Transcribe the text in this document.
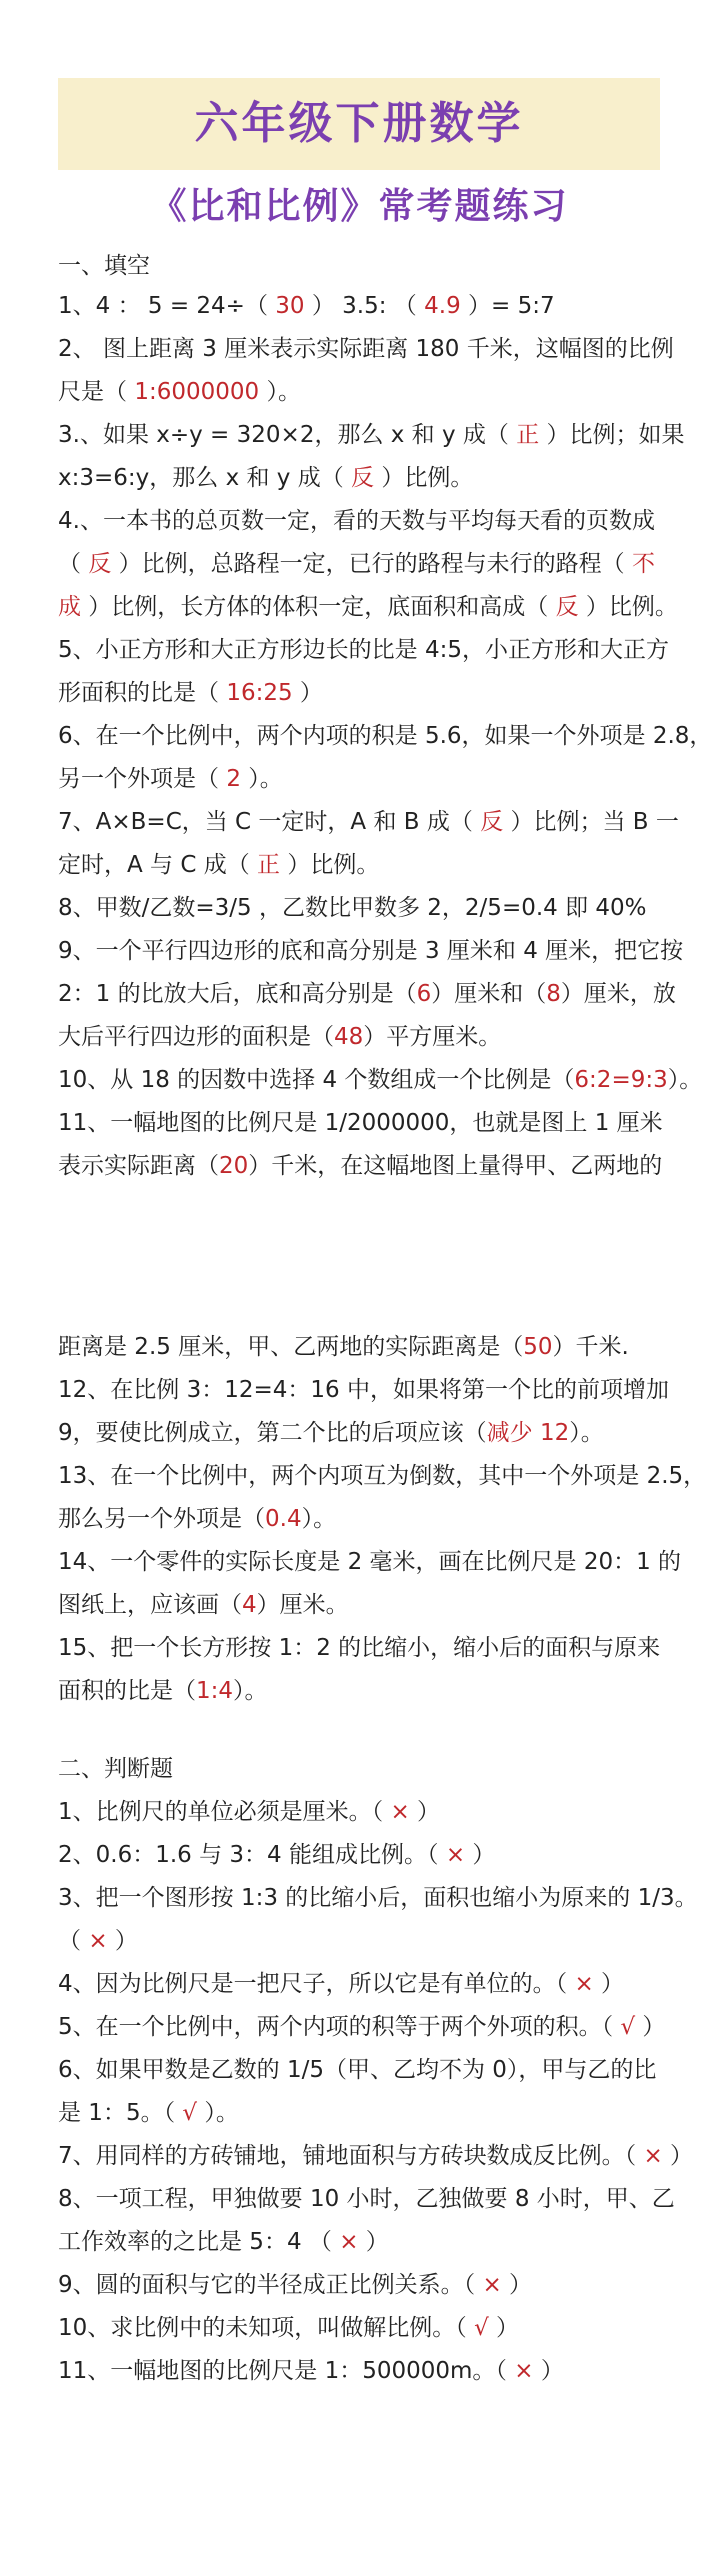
六年级下册数学
《比和比例》常考题练习
一、填空
1、4 ： 5 = 24÷（ 30 ） 3.5: （ 4.9 ）= 5:7
2、 图上距离 3 厘米表示实际距离 180 千米，这幅图的比例
尺是（ 1:6000000 ）。
3.、如果 x÷y = 320×2，那么 x 和 y 成（ 正 ）比例；如果
x:3=6:y，那么 x 和 y 成（ 反 ）比例。
4.、一本书的总页数一定，看的天数与平均每天看的页数成
（ 反 ）比例，总路程一定，已行的路程与未行的路程（ 不
成 ）比例，长方体的体积一定，底面积和高成（ 反 ）比例。
5、小正方形和大正方形边长的比是 4:5，小正方形和大正方
形面积的比是（ 16:25 ）
6、在一个比例中，两个内项的积是 5.6，如果一个外项是 2.8，
另一个外项是（ 2 ）。
7、A×B=C，当 C 一定时，A 和 B 成（ 反 ）比例；当 B 一
定时，A 与 C 成（ 正 ）比例。
8、甲数/乙数=3/5 ，乙数比甲数多 2，2/5=0.4 即 40%
9、一个平行四边形的底和高分别是 3 厘米和 4 厘米，把它按
2：1 的比放大后，底和高分别是（6）厘米和（8）厘米，放
大后平行四边形的面积是（48）平方厘米。
10、从 18 的因数中选择 4 个数组成一个比例是（6:2=9:3）。
11、一幅地图的比例尺是 1/2000000，也就是图上 1 厘米
表示实际距离（20）千米，在这幅地图上量得甲、乙两地的
距离是 2.5 厘米，甲、乙两地的实际距离是（50）千米.
12、在比例 3：12=4：16 中，如果将第一个比的前项增加
9，要使比例成立，第二个比的后项应该（减少 12）。
13、在一个比例中，两个内项互为倒数，其中一个外项是 2.5，
那么另一个外项是（0.4）。
14、一个零件的实际长度是 2 毫米，画在比例尺是 20：1 的
图纸上，应该画（4）厘米。
15、把一个长方形按 1：2 的比缩小，缩小后的面积与原来
面积的比是（1:4）。
二、判断题
1、比例尺的单位必须是厘米。（ × ）
2、0.6：1.6 与 3：4 能组成比例。（ × ）
3、把一个图形按 1:3 的比缩小后，面积也缩小为原来的 1/3。
（ × ）
4、因为比例尺是一把尺子，所以它是有单位的。（ × ）
5、在一个比例中，两个内项的积等于两个外项的积。（ √ ）
6、如果甲数是乙数的 1/5（甲、乙均不为 0），甲与乙的比
是 1：5。（ √ ）。
7、用同样的方砖铺地，铺地面积与方砖块数成反比例。（ × ）
8、一项工程，甲独做要 10 小时，乙独做要 8 小时，甲、乙
工作效率的之比是 5：4 （ × ）
9、圆的面积与它的半径成正比例关系。（ × ）
10、求比例中的未知项，叫做解比例。（ √ ）
11、一幅地图的比例尺是 1：500000m。（ × ）
